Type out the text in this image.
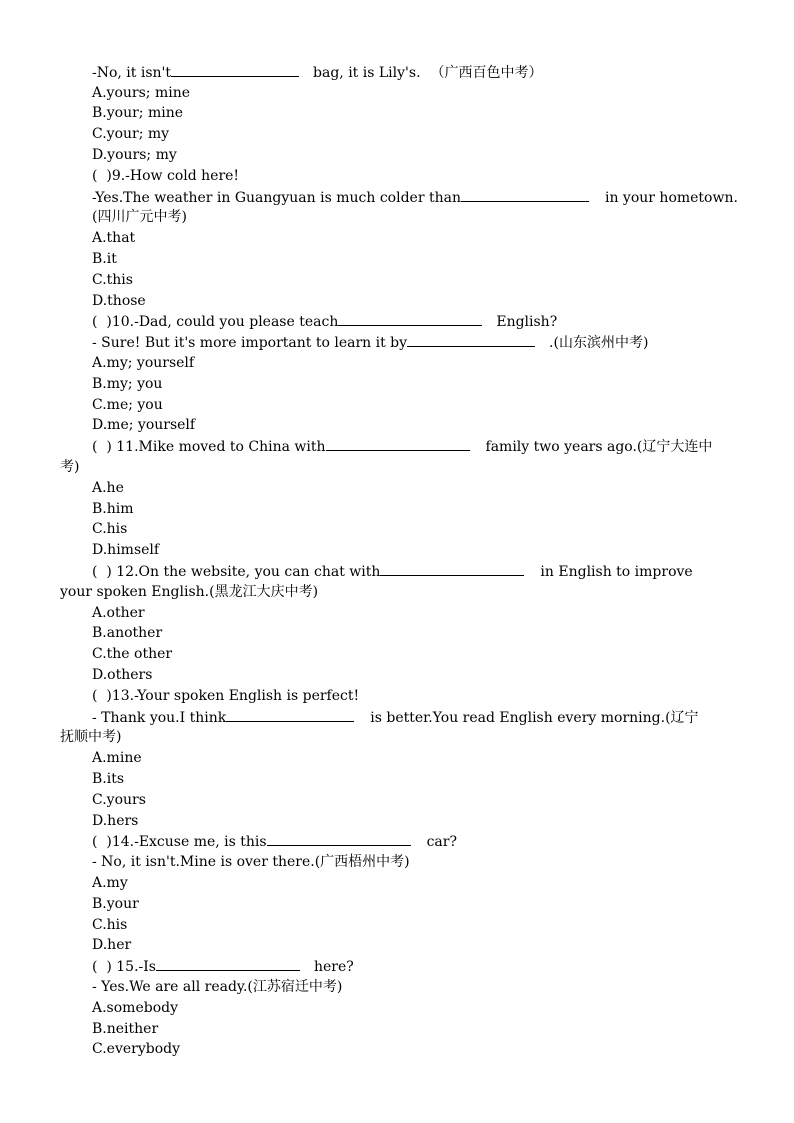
-No, it isn't	bag, it is Lily's. （广西百色中考）
A.yours; mine
B.your; mine
C.your; my
D.yours; my
(  )9.-How cold here!
-Yes.The weather in Guangyuan is much colder than	in your hometown.
(四川广元中考)
A.that
B.it
C.this
D.those
(  )10.-Dad, could you please teach	English?
- Sure! But it's more important to learn it by	.(山东滨州中考)
A.my; yourself
B.my; you
C.me; you
D.me; yourself
(  ) 11.Mike moved to China with	family two years ago.(辽宁大连中
考)
A.he
B.him
C.his
D.himself
(  ) 12.On the website, you can chat with	in English to improve
your spoken English.(黑龙江大庆中考)
A.other
B.another
C.the other
D.others
(  )13.-Your spoken English is perfect!
- Thank you.I think	is better.You read English every morning.(辽宁
抚顺中考)
A.mine
B.its
C.yours
D.hers
(  )14.-Excuse me, is this	car?
- No, it isn't.Mine is over there.(广西梧州中考)
A.my
B.your
C.his
D.her
(  ) 15.-Is	here?
- Yes.We are all ready.(江苏宿迁中考)
A.somebody
B.neither
C.everybody
